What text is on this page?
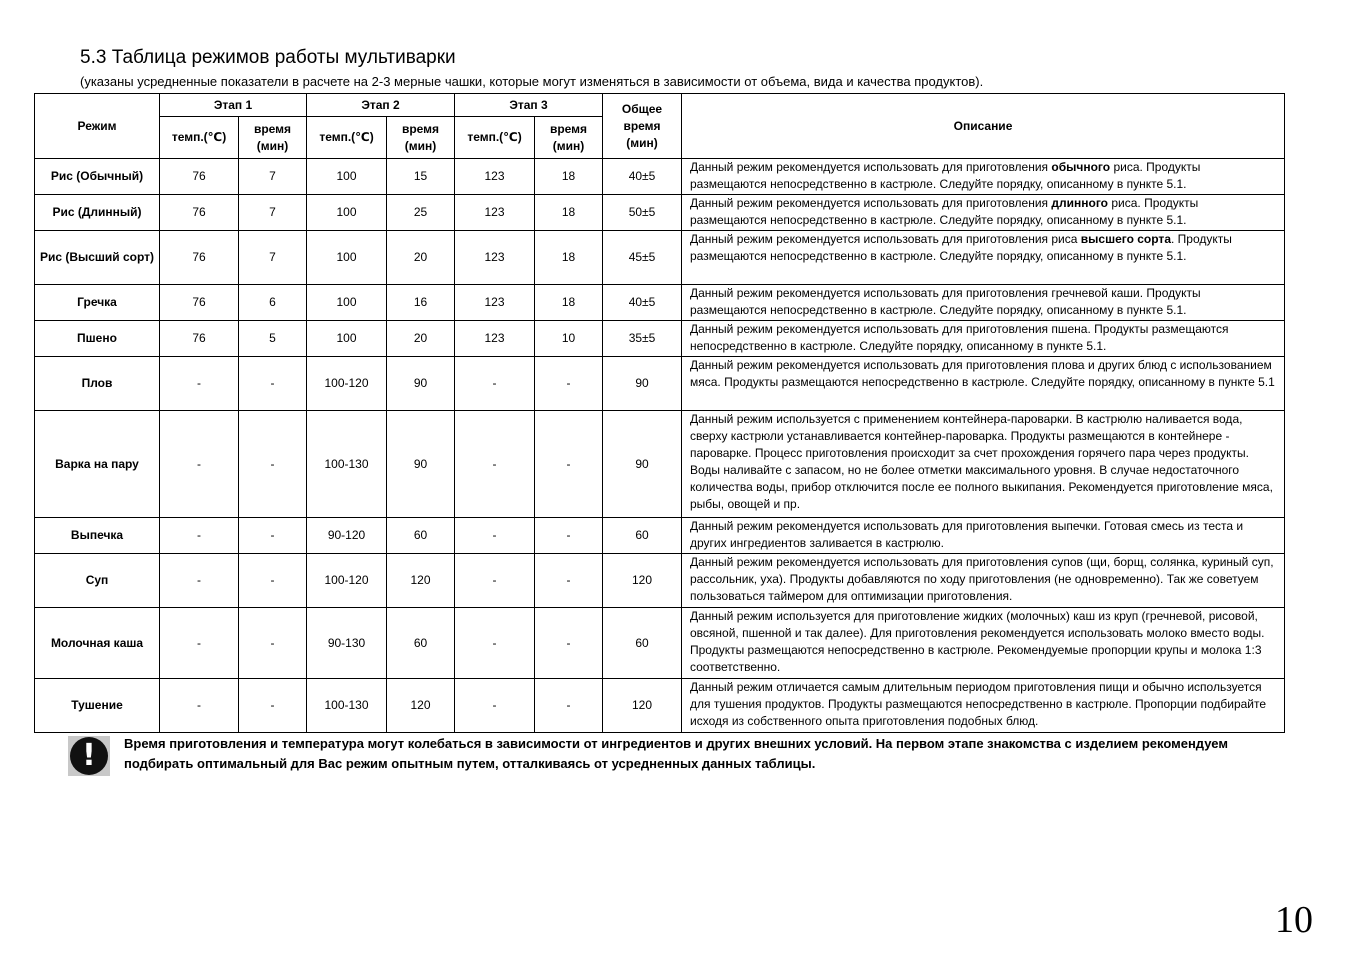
5.3 Таблица режимов работы мультиварки
(указаны усредненные показатели в расчете на 2-3 мерные чашки, которые могут изменяться в зависимости от объема, вида и качества продуктов).
Режим	Этап 1		Этап 2		Этап 3		Общее время (мин)	Описание
	темп.(℃)	время (мин)	темп.(℃)	время (мин)	темп.(℃)	время (мин)		
Рис (Обычный)	76	7	100	15	123	18	40±5	Данный режим рекомендуется использовать для приготовления обычного риса. Продукты размещаются непосредственно в кастрюле. Следуйте порядку, описанному в пункте 5.1.
Рис (Длинный)	76	7	100	25	123	18	50±5	Данный режим рекомендуется использовать для приготовления длинного риса. Продукты размещаются непосредственно в кастрюле. Следуйте порядку, описанному в пункте 5.1.
Рис (Высший сорт)	76	7	100	20	123	18	45±5	Данный режим рекомендуется использовать для приготовления риса высшего сорта. Продукты размещаются непосредственно в кастрюле. Следуйте порядку, описанному в пункте 5.1.
Гречка	76	6	100	16	123	18	40±5	Данный режим рекомендуется использовать для приготовления гречневой каши. Продукты размещаются непосредственно в кастрюле. Следуйте порядку, описанному в пункте 5.1.
Пшено	76	5	100	20	123	10	35±5	Данный режим рекомендуется использовать для приготовления пшена. Продукты размещаются непосредственно в кастрюле. Следуйте порядку, описанному в пункте 5.1.
Плов	-	-	100-120	90	-	-	90	Данный режим рекомендуется использовать для приготовления плова и других блюд с использованием мяса. Продукты размещаются непосредственно в кастрюле. Следуйте порядку, описанному в пункте 5.1
Варка на пару	-	-	100-130	90	-	-	90	Данный режим используется с применением контейнера-пароварки. В кастрюлю наливается вода, сверху кастрюли устанавливается контейнер-пароварка. Продукты размещаются в контейнере - пароварке. Процесс приготовления происходит за счет прохождения горячего пара через продукты. Воды наливайте с запасом, но не более отметки максимального уровня. В случае недостаточного количества воды, прибор отключится после ее полного выкипания. Рекомендуется приготовление мяса, рыбы, овощей и пр.
Выпечка	-	-	90-120	60	-	-	60	Данный режим рекомендуется использовать для приготовления выпечки. Готовая смесь из теста и других ингредиентов заливается в кастрюлю.
Суп	-	-	100-120	120	-	-	120	Данный режим рекомендуется использовать для приготовления супов (щи, борщ, солянка, куриный суп, рассольник, уха). Продукты добавляются по ходу приготовления (не одновременно). Так же советуем пользоваться таймером для оптимизации приготовления.
Молочная каша	-	-	90-130	60	-	-	60	Данный режим используется для приготовление жидких (молочных) каш из круп (гречневой, рисовой, овсяной, пшенной и так далее). Для приготовления рекомендуется использовать молоко вместо воды. Продукты размещаются непосредственно в кастрюле. Рекомендуемые пропорции крупы и молока 1:3 соответственно.
Тушение	-	-	100-130	120	-	-	120	Данный режим отличается самым длительным периодом приготовления пищи и обычно используется для тушения продуктов. Продукты размещаются непосредственно в кастрюле. Пропорции подбирайте исходя из собственного опыта приготовления подобных блюд.
!	Время приготовления и температура могут колебаться в зависимости от ингредиентов и других внешних условий. На первом этапе знакомства с изделием рекомендуем подбирать оптимальный для Вас режим опытным путем, отталкиваясь от усредненных данных таблицы.
10
